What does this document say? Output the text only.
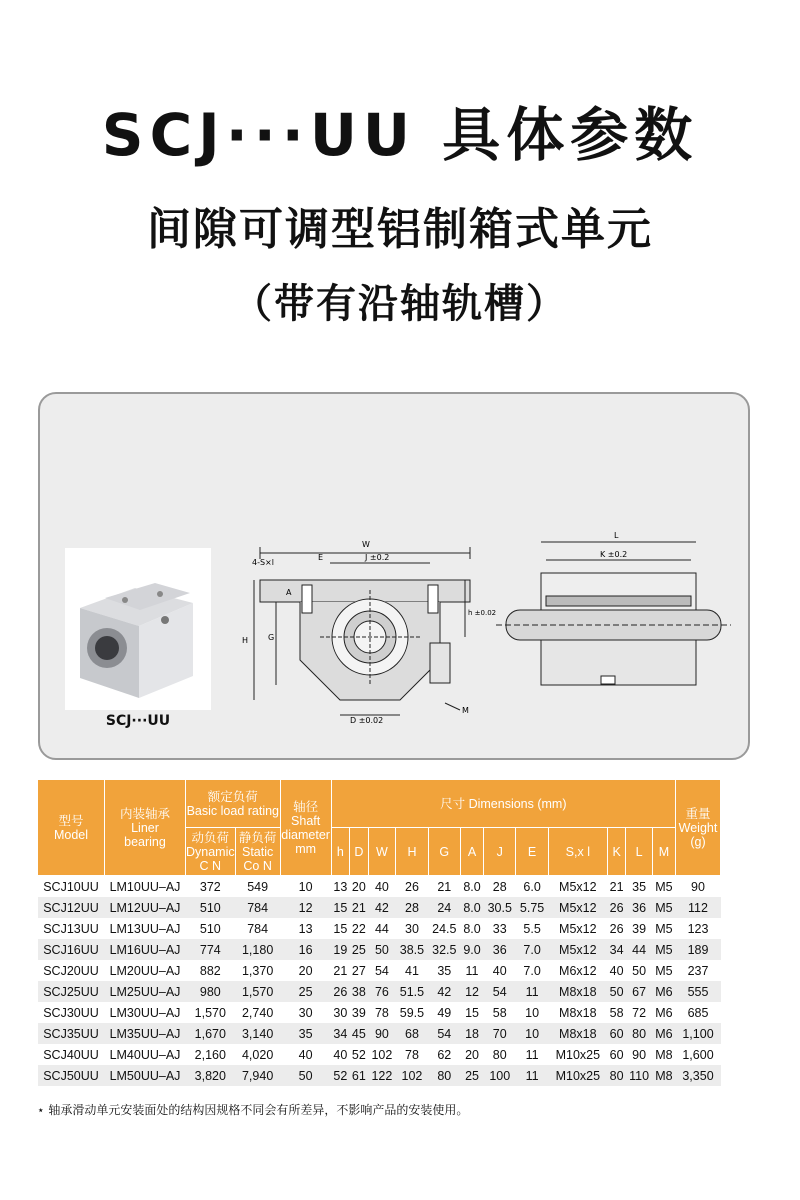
SCJ···UU 具体参数
间隙可调型铝制箱式单元
（带有沿轴轨槽）
SCJ···UU
W
J ±0.2
E
4-S×l
A
H G
h ±0.02
D ±0.02
M
L
K ±0.2
型号
Model	内装轴承
Liner
bearing	额定负荷
Basic load rating		轴径
Shaft
diameter
mm	尺寸 Dimensions (mm)												重量
Weight
(g)
		动负荷
Dynamic
C N	静负荷
Static
Co N		h	D	W	H	G	A	J	E	S,x l	K	L	M	
SCJ10UU	LM10UU–AJ	372	549	10	13	20	40	26	21	8.0	28	6.0	M5x12	21	35	M5	90
SCJ12UU	LM12UU–AJ	510	784	12	15	21	42	28	24	8.0	30.5	5.75	M5x12	26	36	M5	112
SCJ13UU	LM13UU–AJ	510	784	13	15	22	44	30	24.5	8.0	33	5.5	M5x12	26	39	M5	123
SCJ16UU	LM16UU–AJ	774	1,180	16	19	25	50	38.5	32.5	9.0	36	7.0	M5x12	34	44	M5	189
SCJ20UU	LM20UU–AJ	882	1,370	20	21	27	54	41	35	11	40	7.0	M6x12	40	50	M5	237
SCJ25UU	LM25UU–AJ	980	1,570	25	26	38	76	51.5	42	12	54	11	M8x18	50	67	M6	555
SCJ30UU	LM30UU–AJ	1,570	2,740	30	30	39	78	59.5	49	15	58	10	M8x18	58	72	M6	685
SCJ35UU	LM35UU–AJ	1,670	3,140	35	34	45	90	68	54	18	70	10	M8x18	60	80	M6	1,100
SCJ40UU	LM40UU–AJ	2,160	4,020	40	40	52	102	78	62	20	80	11	M10x25	60	90	M8	1,600
SCJ50UU	LM50UU–AJ	3,820	7,940	50	52	61	122	102	80	25	100	11	M10x25	80	110	M8	3,350
⋆ 轴承滑动单元安装面处的结构因规格不同会有所差异，不影响产品的安装使用。
